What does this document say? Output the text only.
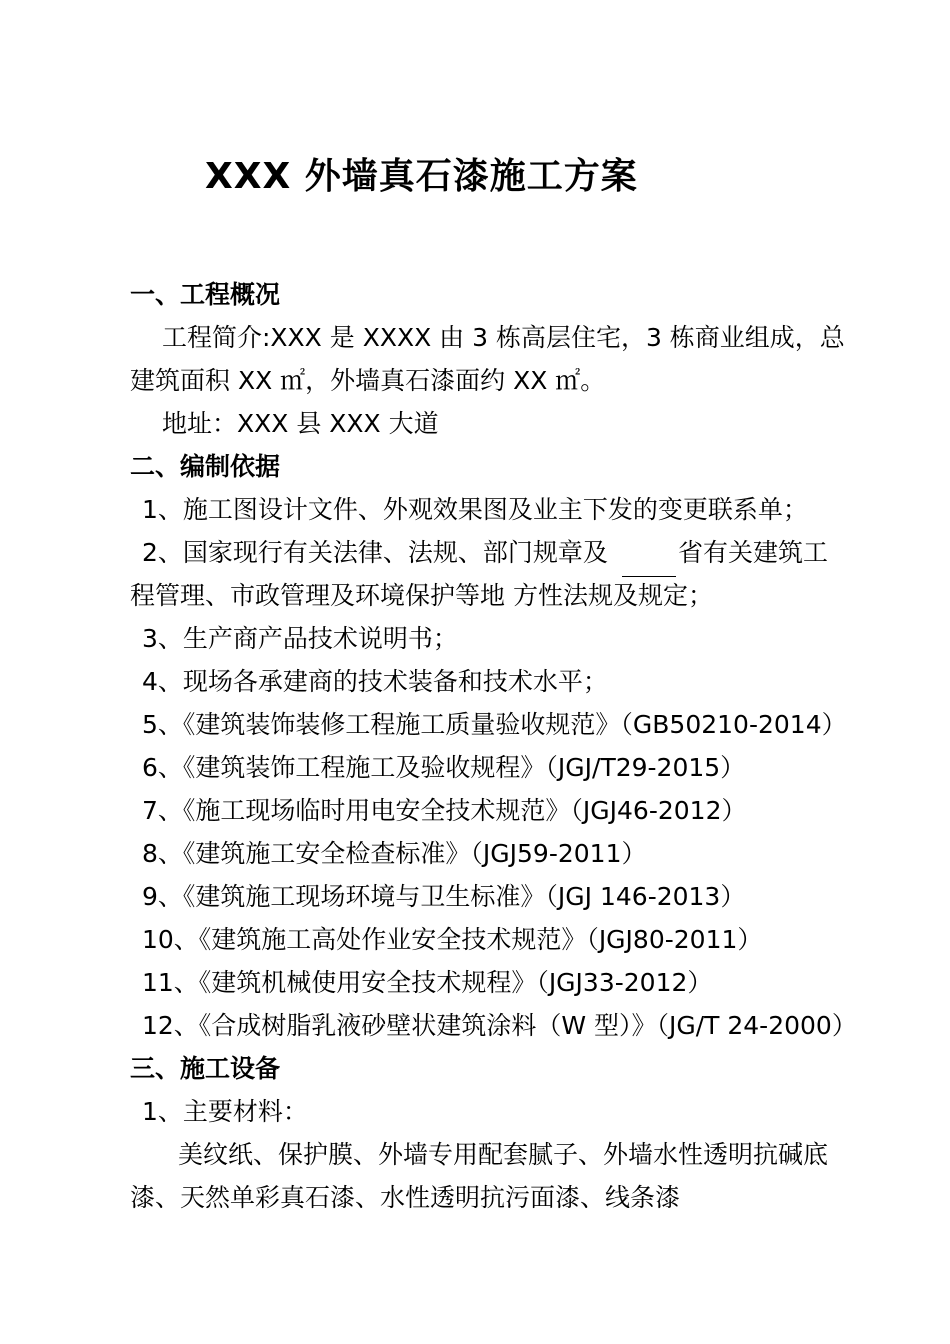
XXX 外墙真石漆施工方案
一、工程概况
工程简介:XXX 是 XXXX 由 3 栋高层住宅，3 栋商业组成，总
建筑面积 XX ㎡，外墙真石漆面约 XX ㎡。
地址：XXX 县 XXX 大道
二、编制依据
1、施工图设计文件、外观效果图及业主下发的变更联系单；
2、国家现行有关法律、法规、部门规章及	省有关建筑工
程管理、市政管理及环境保护等地 方性法规及规定；
3、生产商产品技术说明书；
4、现场各承建商的技术装备和技术水平；
5、《建筑装饰装修工程施工质量验收规范》（GB50210-2014）
6、《建筑装饰工程施工及验收规程》（JGJ/T29-2015）
7、《施工现场临时用电安全技术规范》（JGJ46-2012）
8、《建筑施工安全检查标准》（JGJ59-2011）
9、《建筑施工现场环境与卫生标准》（JGJ 146-2013）
10、《建筑施工高处作业安全技术规范》（JGJ80-2011）
11、《建筑机械使用安全技术规程》（JGJ33-2012）
12、《合成树脂乳液砂壁状建筑涂料（W 型）》（JG/T 24-2000）
三、施工设备
1、主要材料：
美纹纸、保护膜、外墙专用配套腻子、外墙水性透明抗碱底
漆、天然单彩真石漆、水性透明抗污面漆、线条漆
